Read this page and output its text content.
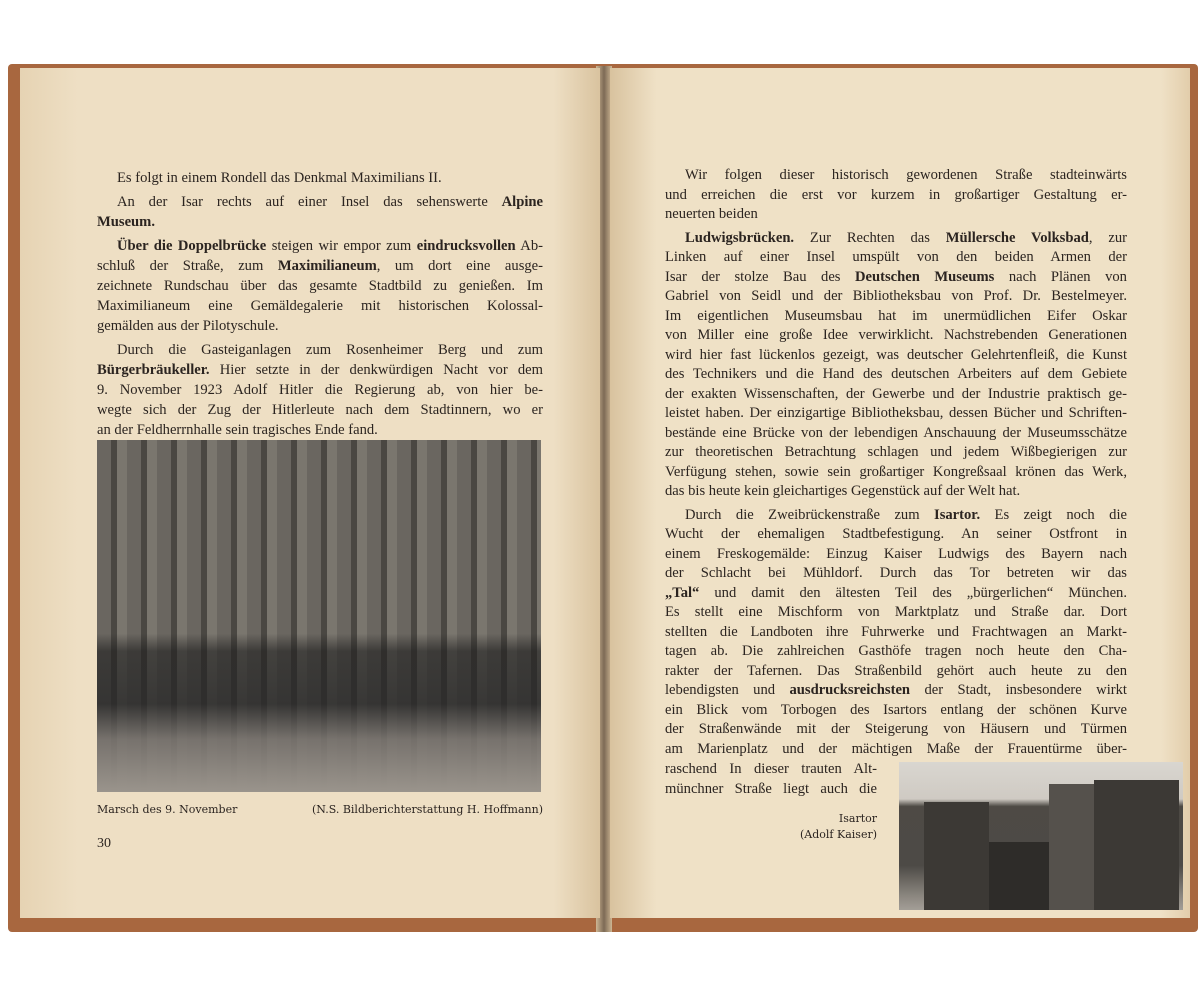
Es folgt in einem Rondell das Denkmal Maximilians II.
An der Isar rechts auf einer Insel das sehenswerte Alpine
Museum.
Über die Doppelbrücke steigen wir empor zum eindrucksvollen Ab-
schluß der Straße, zum Maximilianeum, um dort eine ausge-
zeichnete Rundschau über das gesamte Stadtbild zu genießen. Im
Maximilianeum eine Gemäldegalerie mit historischen Kolossal-
gemälden aus der Pilotyschule.
Durch die Gasteiganlagen zum Rosenheimer Berg und zum
Bürgerbräukeller. Hier setzte in der denkwürdigen Nacht vor dem
9. November 1923 Adolf Hitler die Regierung ab, von hier be-
wegte sich der Zug der Hitlerleute nach dem Stadtinnern, wo er
an der Feldherrnhalle sein tragisches Ende fand.
Marsch des 9. November	(N.S. Bildberichterstattung H. Hoffmann)
30
Wir folgen dieser historisch gewordenen Straße stadteinwärts
und erreichen die erst vor kurzem in großartiger Gestaltung er-
neuerten beiden
Ludwigsbrücken. Zur Rechten das Müllersche Volksbad, zur
Linken auf einer Insel umspült von den beiden Armen der
Isar der stolze Bau des Deutschen Museums nach Plänen von
Gabriel von Seidl und der Bibliotheksbau von Prof. Dr. Bestelmeyer.
Im eigentlichen Museumsbau hat im unermüdlichen Eifer Oskar
von Miller eine große Idee verwirklicht. Nachstrebenden Generationen
wird hier fast lückenlos gezeigt, was deutscher Gelehrtenfleiß, die Kunst
des Technikers und die Hand des deutschen Arbeiters auf dem Gebiete
der exakten Wissenschaften, der Gewerbe und der Industrie praktisch ge-
leistet haben. Der einzigartige Bibliotheksbau, dessen Bücher und Schriften-
bestände eine Brücke von der lebendigen Anschauung der Museumsschätze
zur theoretischen Betrachtung schlagen und jedem Wißbegierigen zur
Verfügung stehen, sowie sein großartiger Kongreßsaal krönen das Werk,
das bis heute kein gleichartiges Gegenstück auf der Welt hat.
Durch die Zweibrückenstraße zum Isartor. Es zeigt noch die
Wucht der ehemaligen Stadtbefestigung. An seiner Ostfront in
einem Freskogemälde: Einzug Kaiser Ludwigs des Bayern nach
der Schlacht bei Mühldorf. Durch das Tor betreten wir das
„Tal“ und damit den ältesten Teil des „bürgerlichen“ München.
Es stellt eine Mischform von Marktplatz und Straße dar. Dort
stellten die Landboten ihre Fuhrwerke und Frachtwagen an Markt-
tagen ab. Die zahlreichen Gasthöfe tragen noch heute den Cha-
rakter der Tafernen. Das Straßenbild gehört auch heute zu den
lebendigsten und ausdrucksreichsten der Stadt, insbesondere wirkt
ein Blick vom Torbogen des Isartors entlang der schönen Kurve
der Straßenwände mit der Steigerung von Häusern und Türmen
am Marienplatz und der mächtigen Maße der Frauentürme über-
raschend In dieser trauten Alt-
münchner Straße liegt auch die
Isartor
(Adolf Kaiser)
